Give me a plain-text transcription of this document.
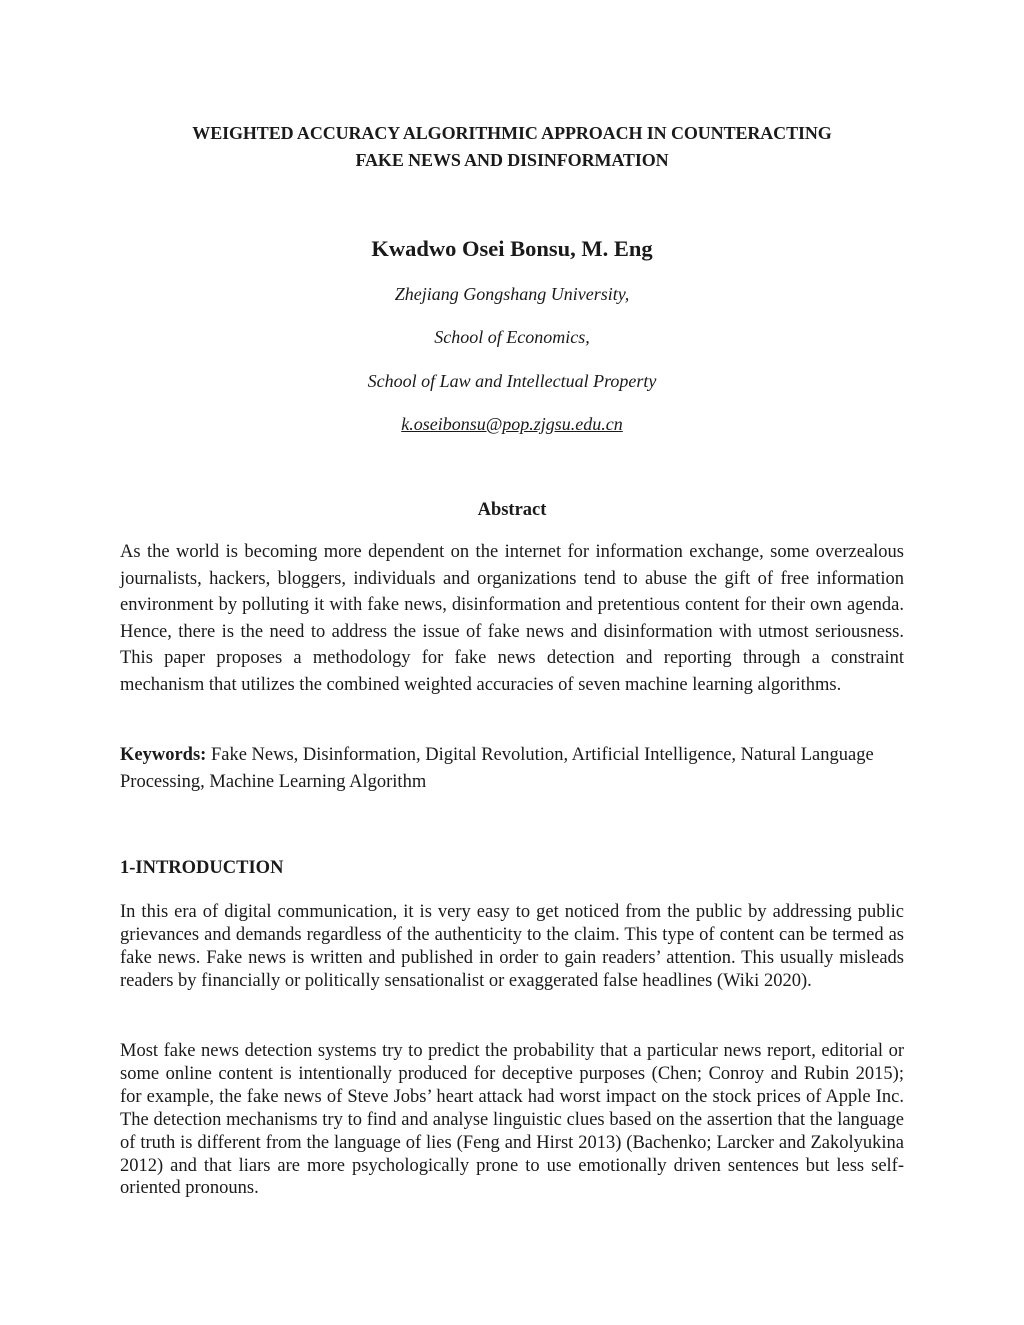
WEIGHTED ACCURACY ALGORITHMIC APPROACH IN COUNTERACTING
FAKE NEWS AND DISINFORMATION
Kwadwo Osei Bonsu, M. Eng
Zhejiang Gongshang University,
School of Economics,
School of Law and Intellectual Property
k.oseibonsu@pop.zjgsu.edu.cn
Abstract
As the world is becoming more dependent on the internet for information exchange, some overzealous journalists, hackers, bloggers, individuals and organizations tend to abuse the gift of free information environment by polluting it with fake news, disinformation and pretentious content for their own agenda. Hence, there is the need to address the issue of fake news and disinformation with utmost seriousness. This paper proposes a methodology for fake news detection and reporting through a constraint mechanism that utilizes the combined weighted accuracies of seven machine learning algorithms.
Keywords: Fake News, Disinformation, Digital Revolution, Artificial Intelligence, Natural Language Processing, Machine Learning Algorithm
1-INTRODUCTION
In this era of digital communication, it is very easy to get noticed from the public by addressing public grievances and demands regardless of the authenticity to the claim. This type of content can be termed as fake news. Fake news is written and published in order to gain readers’ attention. This usually misleads readers by financially or politically sensationalist or exaggerated false headlines (Wiki 2020).
Most fake news detection systems try to predict the probability that a particular news report, editorial or some online content is intentionally produced for deceptive purposes (Chen; Conroy and Rubin 2015); for example, the fake news of Steve Jobs’ heart attack had worst impact on the stock prices of Apple Inc. The detection mechanisms try to find and analyse linguistic clues based on the assertion that the language of truth is different from the language of lies (Feng and Hirst 2013) (Bachenko; Larcker and Zakolyukina 2012) and that liars are more psychologically prone to use emotionally driven sentences but less self-oriented pronouns.
